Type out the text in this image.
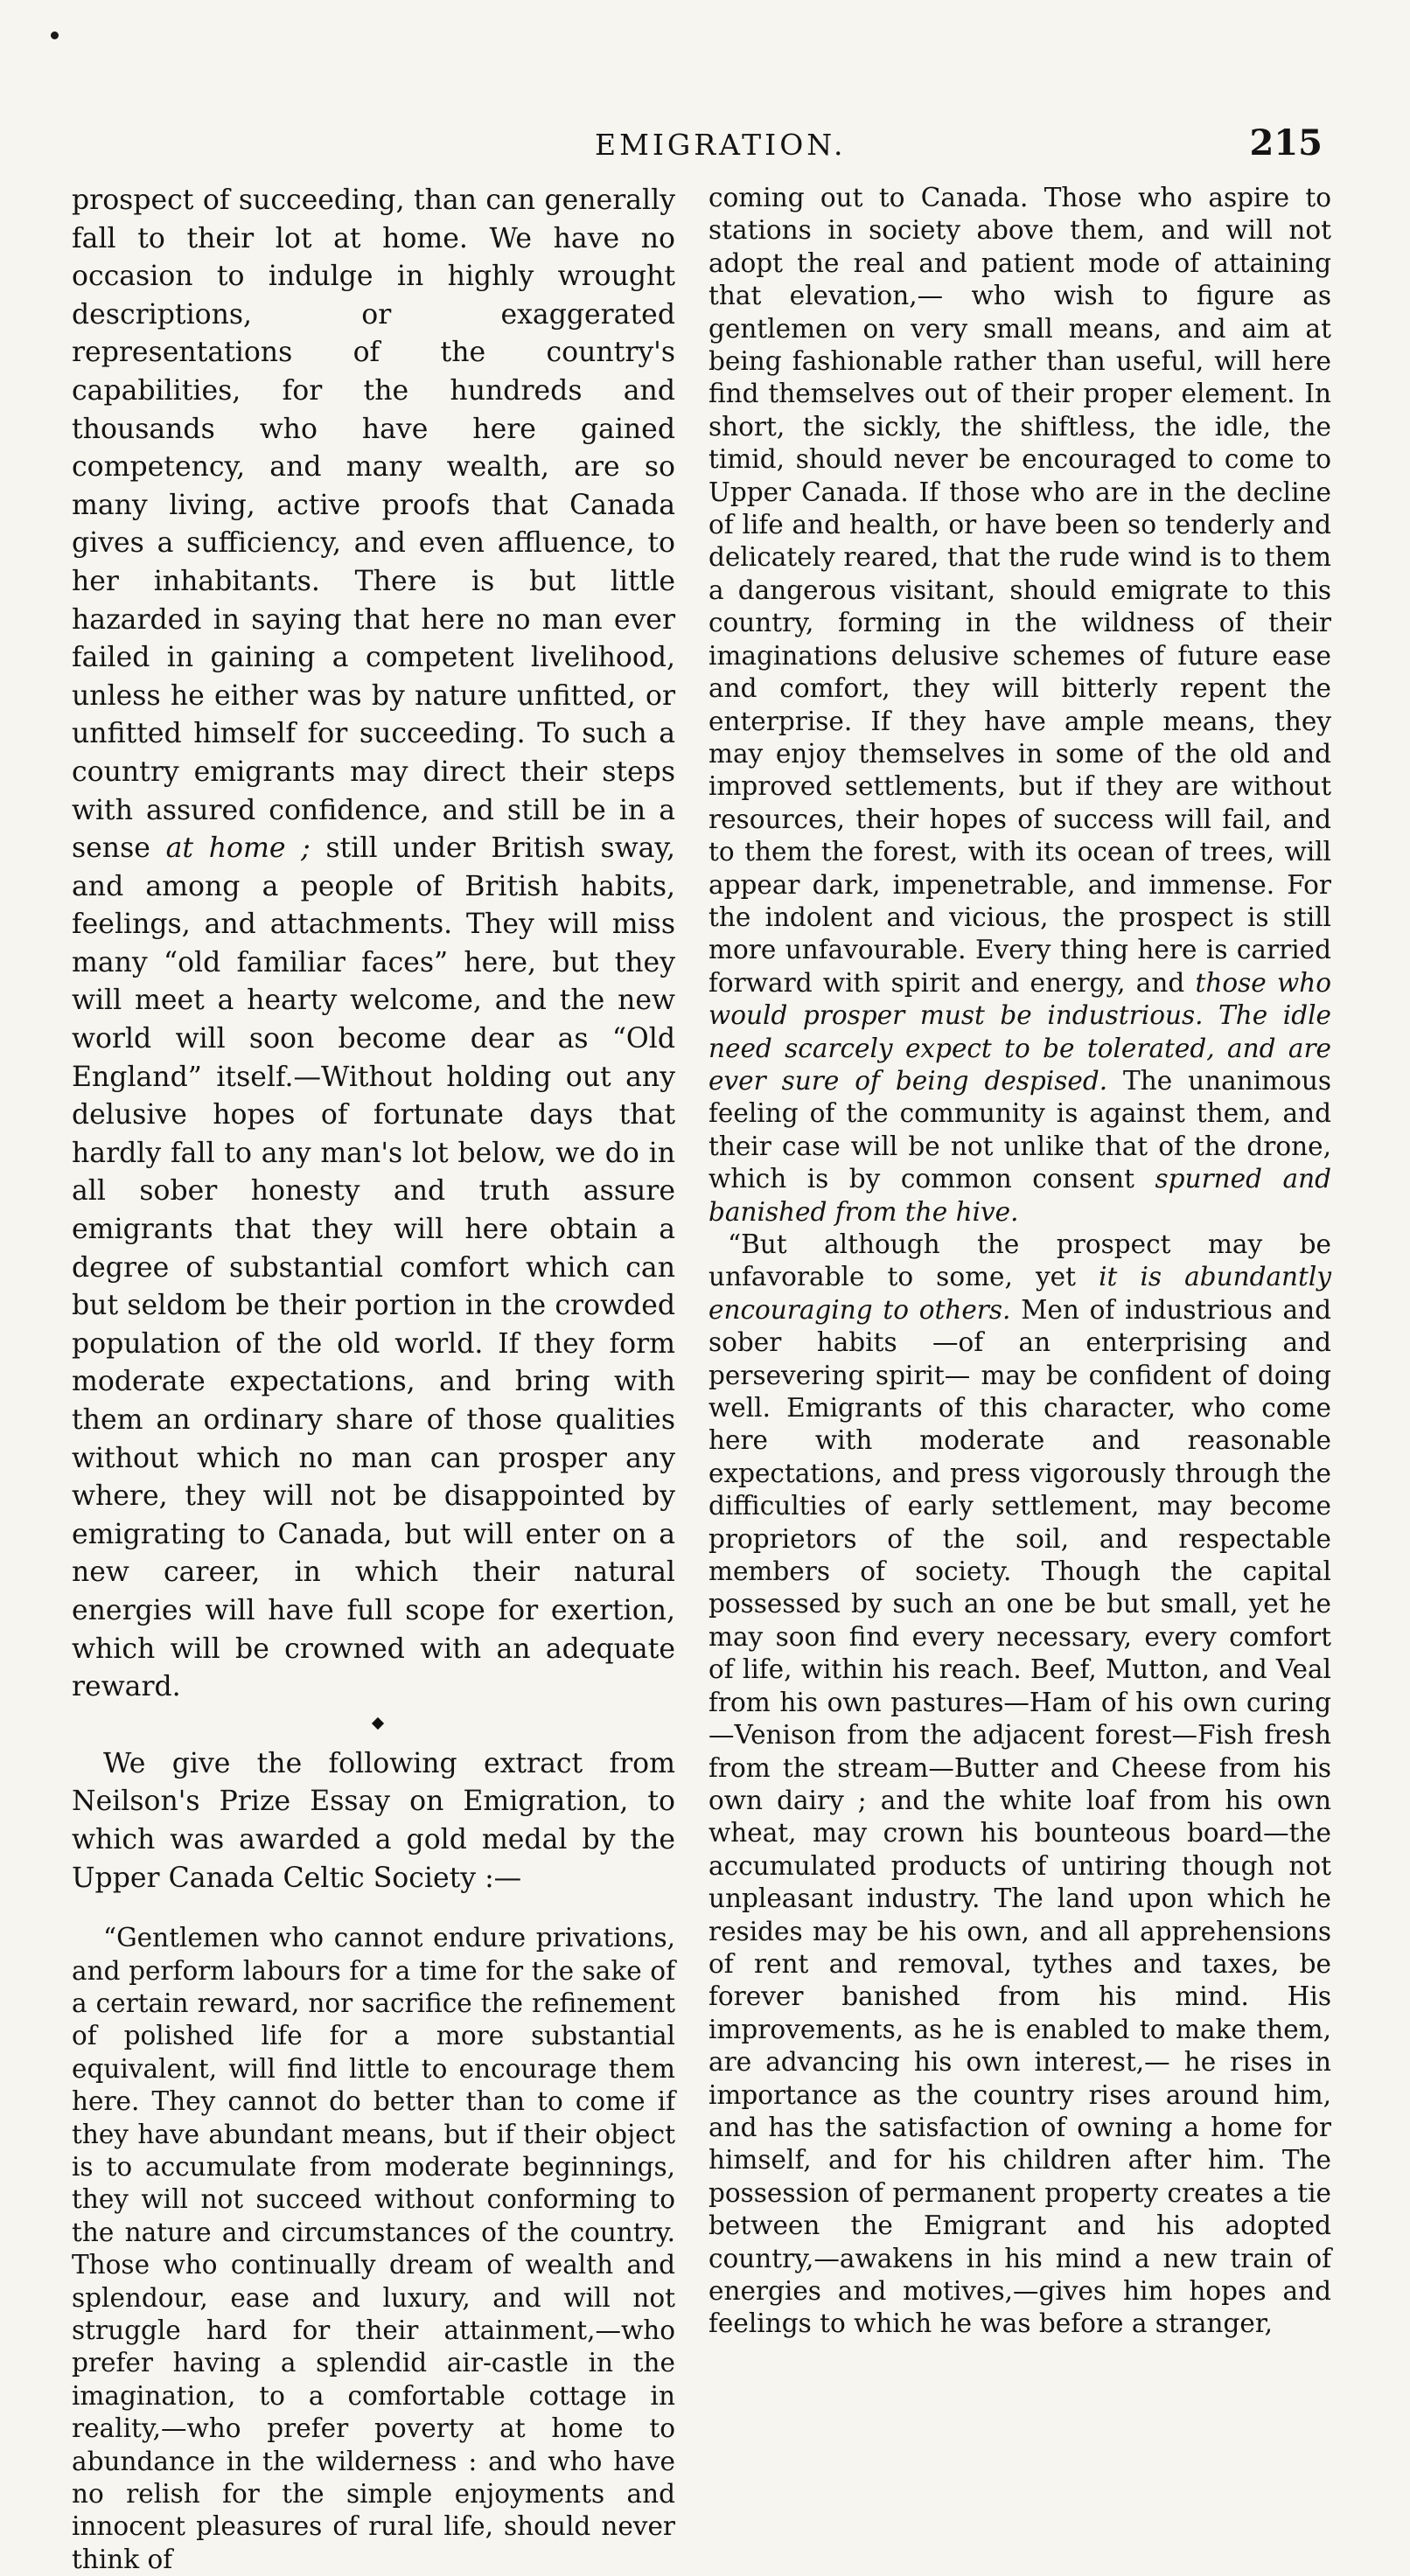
EMIGRATION.	215

prospect of succeeding, than can generally fall to their lot at home. We have no occasion to indulge in highly wrought descriptions, or exaggerated representations of the country's capabilities, for the hundreds and thousands who have here gained competency, and many wealth, are so many living, active proofs that Canada gives a sufficiency, and even affluence, to her inhabitants. There is but little hazarded in saying that here no man ever failed in gaining a competent livelihood, unless he either was by nature unfitted, or unfitted himself for succeeding. To such a country emigrants may direct their steps with assured confidence, and still be in a sense at home ; still under British sway, and among a people of British habits, feelings, and attachments. They will miss many “old familiar faces” here, but they will meet a hearty welcome, and the new world will soon become dear as “Old England” itself.—Without holding out any delusive hopes of fortunate days that hardly fall to any man's lot below, we do in all sober honesty and truth assure emigrants that they will here obtain a degree of substantial comfort which can but seldom be their portion in the crowded population of the old world. If they form moderate expectations, and bring with them an ordinary share of those qualities without which no man can prosper any where, they will not be disappointed by emigrating to Canada, but will enter on a new career, in which their natural energies will have full scope for exertion, which will be crowned with an adequate reward.

We give the following extract from Neilson's Prize Essay on Emigration, to which was awarded a gold medal by the Upper Canada Celtic Society :—

“Gentlemen who cannot endure privations, and perform labours for a time for the sake of a certain reward, nor sacrifice the refinement of polished life for a more substantial equivalent, will find little to encourage them here. They cannot do better than to come if they have abundant means, but if their object is to accumulate from moderate beginnings, they will not succeed without conforming to the nature and circumstances of the country. Those who continually dream of wealth and splendour, ease and luxury, and will not struggle hard for their attainment,—who prefer having a splendid air-castle in the imagination, to a comfortable cottage in reality,—who prefer poverty at home to abundance in the wilderness : and who have no relish for the simple enjoyments and innocent pleasures of rural life, should never think of

coming out to Canada. Those who aspire to stations in society above them, and will not adopt the real and patient mode of attaining that elevation,— who wish to figure as gentlemen on very small means, and aim at being fashionable rather than useful, will here find themselves out of their proper element. In short, the sickly, the shiftless, the idle, the timid, should never be encouraged to come to Upper Canada. If those who are in the decline of life and health, or have been so tenderly and delicately reared, that the rude wind is to them a dangerous visitant, should emigrate to this country, forming in the wildness of their imaginations delusive schemes of future ease and comfort, they will bitterly repent the enterprise. If they have ample means, they may enjoy themselves in some of the old and improved settlements, but if they are without resources, their hopes of success will fail, and to them the forest, with its ocean of trees, will appear dark, impenetrable, and immense. For the indolent and vicious, the prospect is still more unfavourable. Every thing here is carried forward with spirit and energy, and those who would prosper must be industrious. The idle need scarcely expect to be tolerated, and are ever sure of being despised. The unanimous feeling of the community is against them, and their case will be not unlike that of the drone, which is by common consent spurned and banished from the hive.

“But although the prospect may be unfavorable to some, yet it is abundantly encouraging to others. Men of industrious and sober habits —of an enterprising and persevering spirit— may be confident of doing well. Emigrants of this character, who come here with moderate and reasonable expectations, and press vigorously through the difficulties of early settlement, may become proprietors of the soil, and respectable members of society. Though the capital possessed by such an one be but small, yet he may soon find every necessary, every comfort of life, within his reach. Beef, Mutton, and Veal from his own pastures—Ham of his own curing—Venison from the adjacent forest—Fish fresh from the stream—Butter and Cheese from his own dairy ; and the white loaf from his own wheat, may crown his bounteous board—the accumulated products of untiring though not unpleasant industry. The land upon which he resides may be his own, and all apprehensions of rent and removal, tythes and taxes, be forever banished from his mind. His improvements, as he is enabled to make them, are advancing his own interest,— he rises in importance as the country rises around him, and has the satisfaction of owning a home for himself, and for his children after him. The possession of permanent property creates a tie between the Emigrant and his adopted country,—awakens in his mind a new train of energies and motives,—gives him hopes and feelings to which he was before a stranger,
